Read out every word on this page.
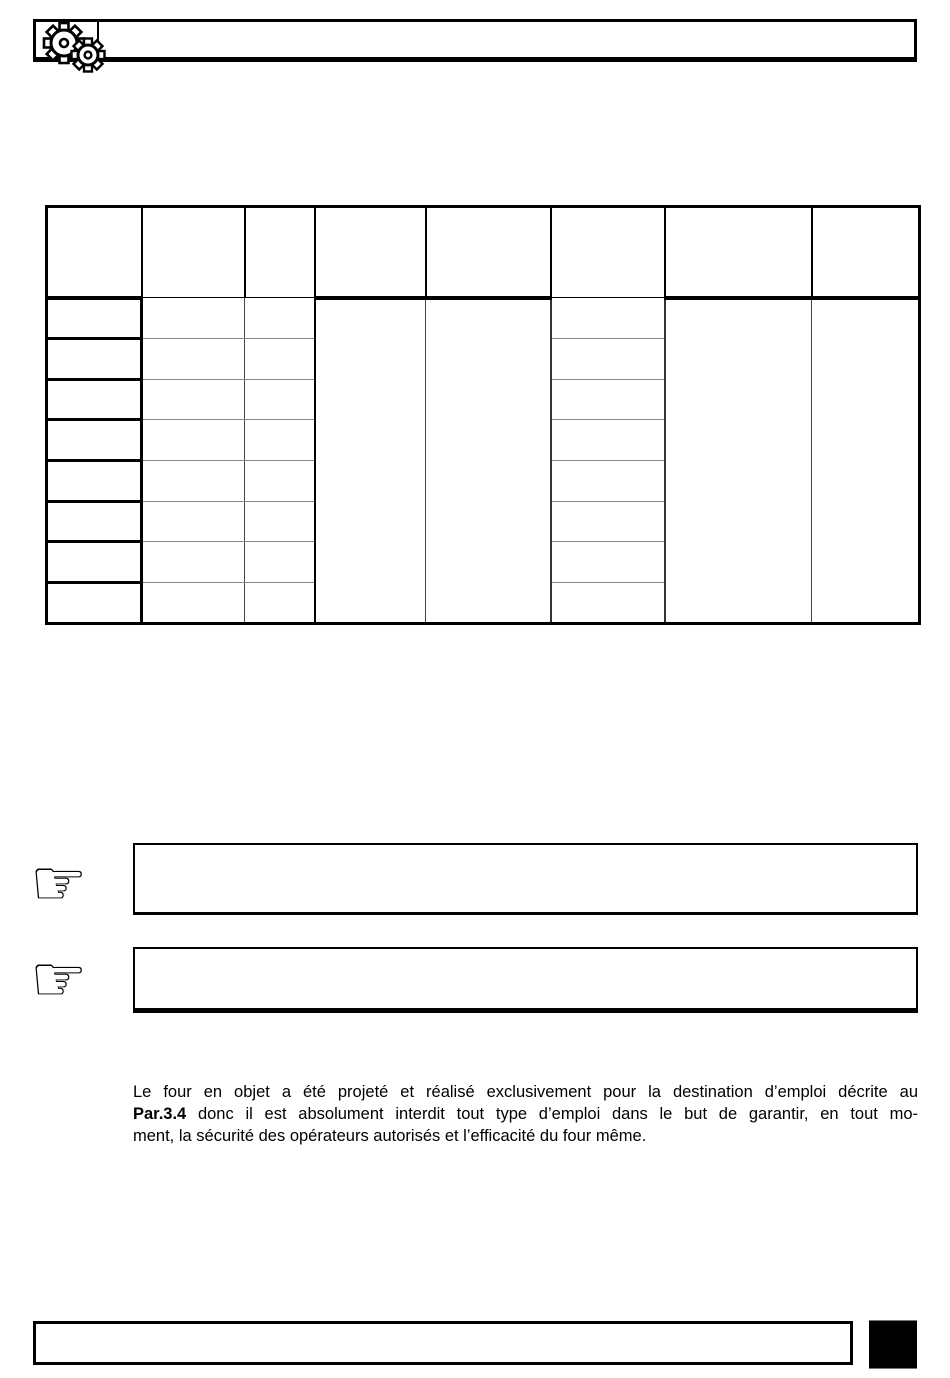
☞
☞
Le four en objet a été projeté et réalisé exclusivement pour la destination d’emploi décrite au
Par.3.4 donc il est absolument interdit tout type d’emploi dans le but de garantir, en tout mo-
ment, la sécurité des opérateurs autorisés et l’efficacité du four même.
